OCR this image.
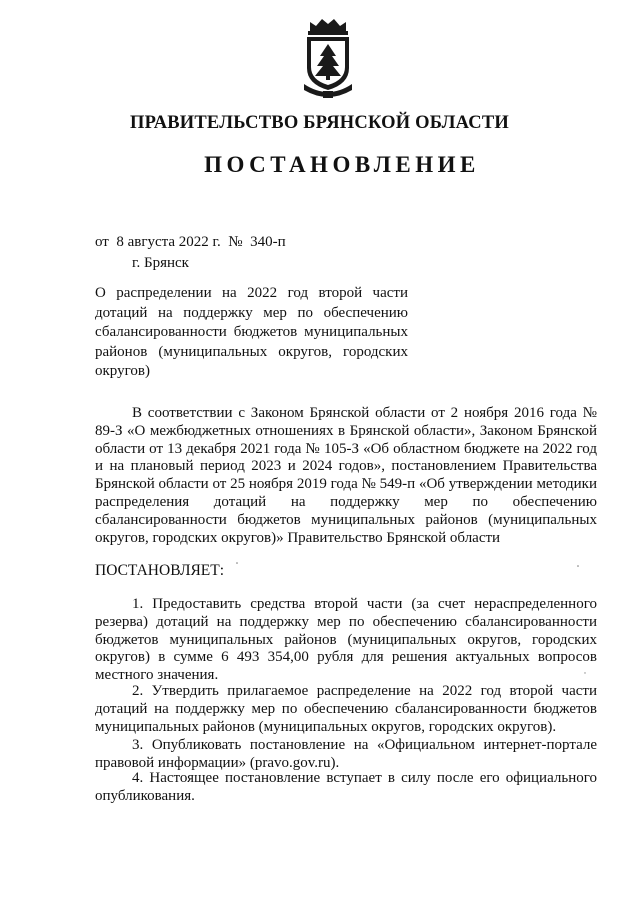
ПРАВИТЕЛЬСТВО БРЯНСКОЙ ОБЛАСТИ
ПОСТАНОВЛЕНИЕ
от  8 августа 2022 г.  №  340-п
г. Брянск
О распределении на 2022 год второй части дотаций на поддержку мер по обеспечению сбалансированности бюджетов муниципальных районов (муниципальных округов, городских округов)

В соответствии с Законом Брянской области от 2 ноября 2016 года № 89-З «О межбюджетных отношениях в Брянской области», Законом Брянской области от 13 декабря 2021 года № 105-З «Об областном бюджете на 2022 год и на плановый период 2023 и 2024 годов», постановлением Правительства Брянской области от 25 ноября 2019 года № 549-п «Об утверждении методики распределения дотаций на поддержку мер по обеспечению сбалансированности бюджетов муниципальных районов (муниципальных округов, городских округов)» Правительство Брянской области

ПОСТАНОВЛЯЕТ:

1. Предоставить средства второй части (за счет нераспределенного резерва) дотаций на поддержку мер по обеспечению сбалансированности бюджетов муниципальных районов (муниципальных округов, городских округов) в сумме 6 493 354,00 рубля для решения актуальных вопросов местного значения.

2. Утвердить прилагаемое распределение на 2022 год второй части дотаций на поддержку мер по обеспечению сбалансированности бюджетов муниципальных районов (муниципальных округов, городских округов).

3. Опубликовать постановление на «Официальном интернет-портале правовой информации» (pravo.gov.ru).

4. Настоящее постановление вступает в силу после его официального опубликования.
